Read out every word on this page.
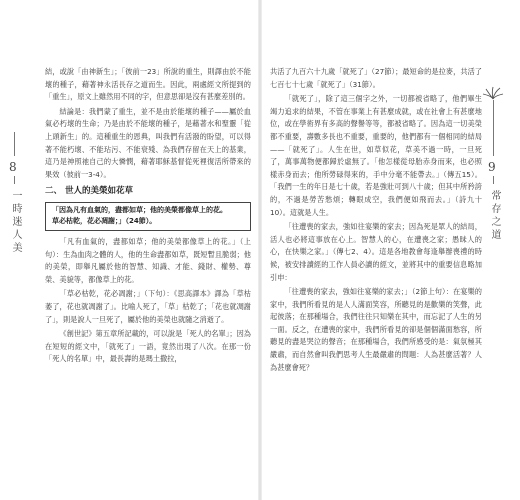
8
一時迷人美

結，或說「由神新生」；「彼前一23」所說的重生，則譯由於不能壞的種子，藉著神永活長存之道而生。因此，兩處經文所提到的「重生」，原文上雖然用不同的字，但意思卻是沒有甚麼差別的。

結論是：我們蒙了重生，並不是由於能壞的種子——屬於血氣必朽壞的生命；乃是由於不能壞的種子，是藉著水和聖靈「從上頭新生」的。這種重生的恩典，叫我們有活潑的盼望，可以得著不能朽壞、不能玷污、不能衰殘、為我們存留在天上的基業，這乃是神照祂自己的大憐憫，藉著耶穌基督從死裡復活所帶來的果效（彼前一3-4）。

二、 世人的美榮如花草

「因為凡有血氣的，盡都如草；他的美榮都像草上的花。

草必枯乾，花必凋謝；」（24節）。

「凡有血氣的，盡都如草；他的美榮都像草上的花。」（上句）：生為血肉之體的人，他的生命盡都如草，既短暫且脆弱；他的美榮，即舉凡屬於他的智慧、知識、才能、錢財、權勢、尊榮、美貌等，都像草上的花。

「草必枯乾，花必凋謝；」（下句）：《思高譯本》譯為「草枯萎了，花也就凋謝了」。比喻人死了，「草」枯乾了；「花也就凋謝了」，則是說人一旦死了，屬於他的美榮也就隨之消逝了。

《創世記》第五章所記載的，可以說是「死人的名單」；因為在短短的經文中，「就死了」一語，竟然出現了八次。在那一份「死人的名單」中，最長壽的是瑪土撒拉，

9
常存之道

共活了九百六十九歲「就死了」（27節）；最短命的是拉麥，共活了七百七十七歲「就死了」（31節）。

「就死了」，除了這三個字之外，一切都被省略了，他們畢生竭力追求的結果，不管在事業上有甚麼成就，或在社會上有甚麼地位，或在學術界有多高的聲譽等等，都被省略了。因為這一切美榮都不重要，壽數多長也不重要，重要的，他們都有一個相同的結局——「就死了」。人生在世，如草似花，草美不過一時，一旦死了，萬事萬物便都歸於虛無了。「他怎樣從母胎赤身而來，也必照樣赤身而去；他所勞碌得來的，手中分毫不能帶去。」（傳五15）。「我們一生的年日是七十歲，若是強壯可到八十歲；但其中所矜誇的，不過是勞苦愁煩；轉眼成空，我們便如飛而去。」（詩九十10）。這就是人生。

「往遭喪的家去，強如往宴樂的家去；因為死是眾人的結局，活人也必將這事放在心上。智慧人的心，在遭喪之家；愚昧人的心，在快樂之家。」（傳七2、4）。這是各地教會每逢舉辦喪禮的時候，被安排讀經的工作人員必讀的經文，並將其中的重要信息略加引申：

「往遭喪的家去，強如往宴樂的家去；」（2節上句）：在宴樂的家中，我們所看見的是人人滿面笑容，所聽見的是歡樂的笑聲，此起彼落；在那種場合，我們往往只知樂在其中，而忘記了人生的另一面。反之，在遭喪的家中，我們所看見的卻是個個滿面愁容，所聽見的盡是哭泣的聲音；在那種場合，我們所感受的是：氣氛極其嚴肅，而自然會叫我們思考人生最嚴肅的問題：人為甚麼活著？人為甚麼會死？
